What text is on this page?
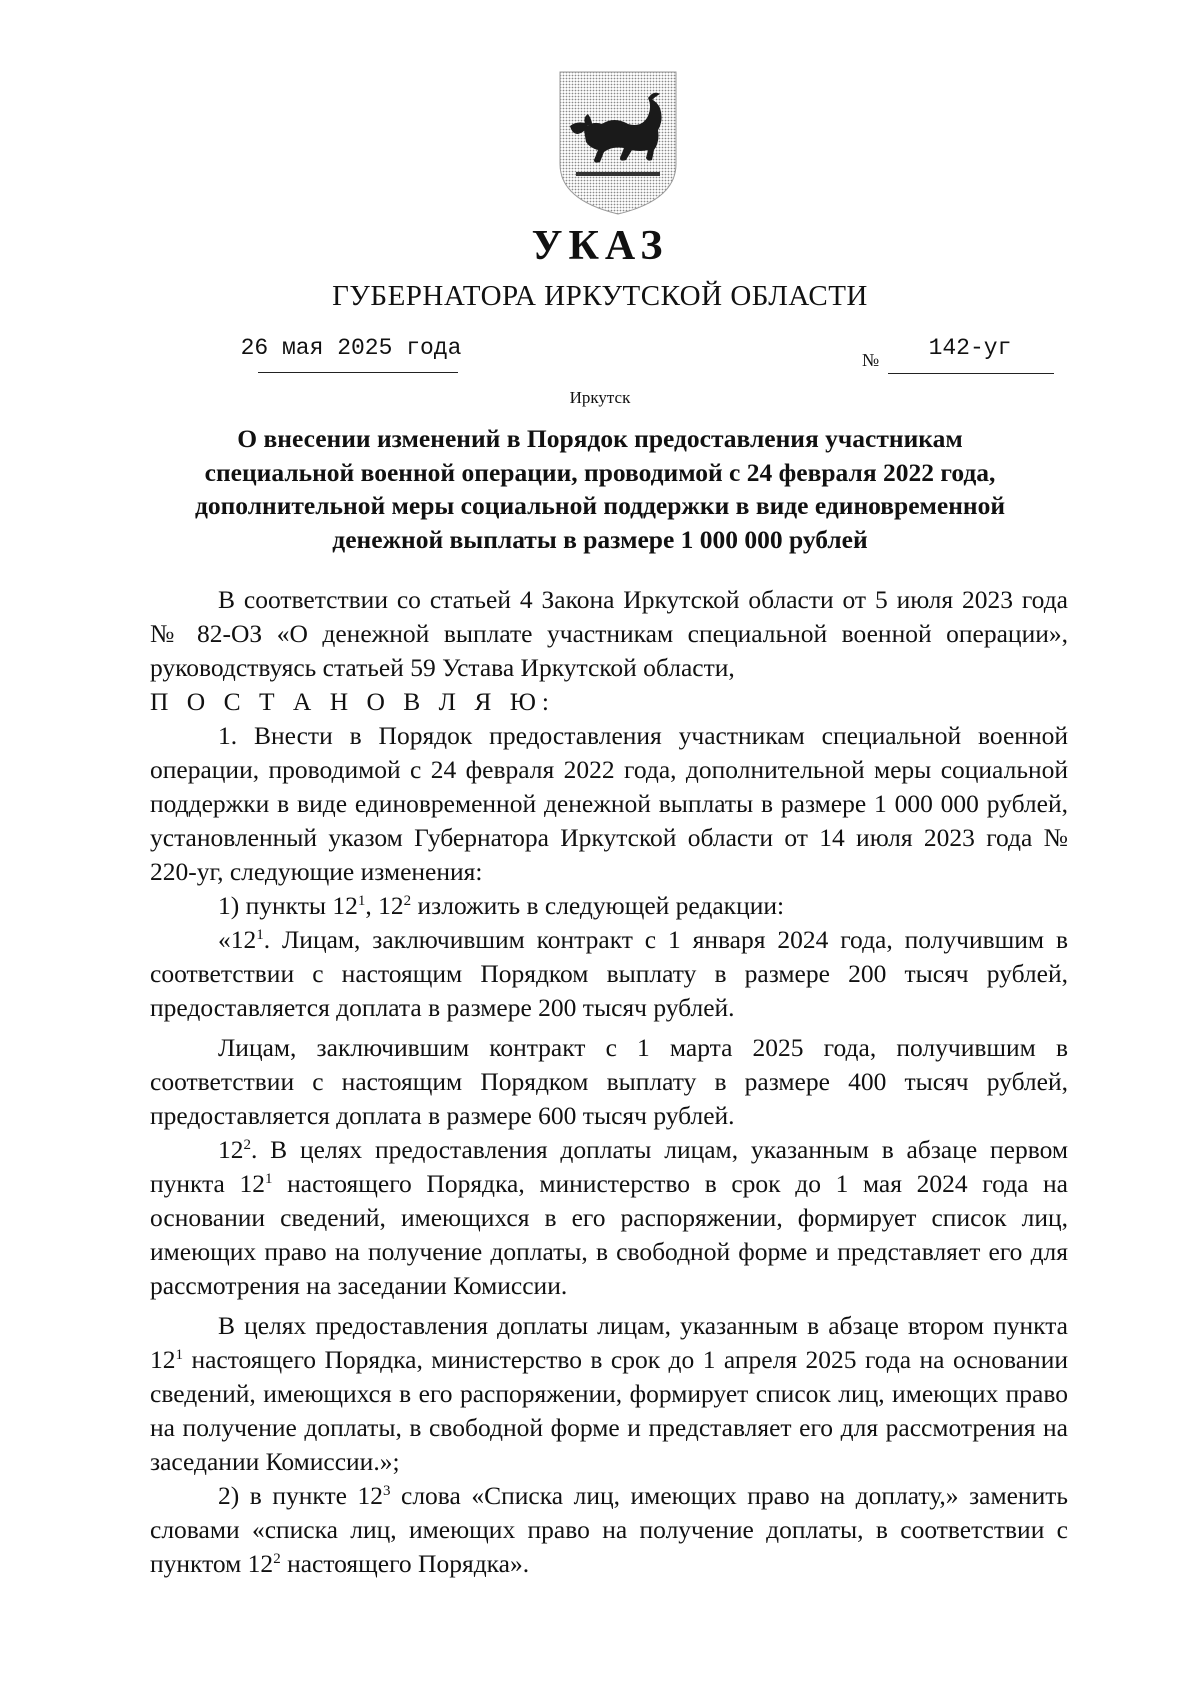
УКАЗ
ГУБЕРНАТОРА ИРКУТСКОЙ ОБЛАСТИ
26 мая 2025 года	№	142-уг
Иркутск
О внесении изменений в Порядок предоставления участникам
специальной военной операции, проводимой с 24 февраля 2022 года,
дополнительной меры социальной поддержки в виде единовременной
денежной выплаты в размере 1 000 000 рублей

В соответствии со статьей 4 Закона Иркутской области от 5 июля 2023 года № 82-ОЗ «О денежной выплате участникам специальной военной операции», руководствуясь статьей 59 Устава Иркутской области,

П О С Т А Н О В Л Я Ю:

1. Внести в Порядок предоставления участникам специальной военной операции, проводимой с 24 февраля 2022 года, дополнительной меры социальной поддержки в виде единовременной денежной выплаты в размере 1 000 000 рублей, установленный указом Губернатора Иркутской области от 14 июля 2023 года № 220-уг, следующие изменения:

1) пункты $12^1$, $12^2$ изложить в следующей редакции:

«$12^1$. Лицам, заключившим контракт с 1 января 2024 года, получившим в соответствии с настоящим Порядком выплату в размере 200 тысяч рублей, предоставляется доплата в размере 200 тысяч рублей.

Лицам, заключившим контракт с 1 марта 2025 года, получившим в соответствии с настоящим Порядком выплату в размере 400 тысяч рублей, предоставляется доплата в размере 600 тысяч рублей.

$12^2$. В целях предоставления доплаты лицам, указанным в абзаце первом пункта $12^1$ настоящего Порядка, министерство в срок до 1 мая 2024 года на основании сведений, имеющихся в его распоряжении, формирует список лиц, имеющих право на получение доплаты, в свободной форме и представляет его для рассмотрения на заседании Комиссии.

В целях предоставления доплаты лицам, указанным в абзаце втором пункта $12^1$ настоящего Порядка, министерство в срок до 1 апреля 2025 года на основании сведений, имеющихся в его распоряжении, формирует список лиц, имеющих право на получение доплаты, в свободной форме и представляет его для рассмотрения на заседании Комиссии.»;

2) в пункте $12^3$ слова «Списка лиц, имеющих право на доплату,» заменить словами «списка лиц, имеющих право на получение доплаты, в соответствии с пунктом $12^2$ настоящего Порядка».
